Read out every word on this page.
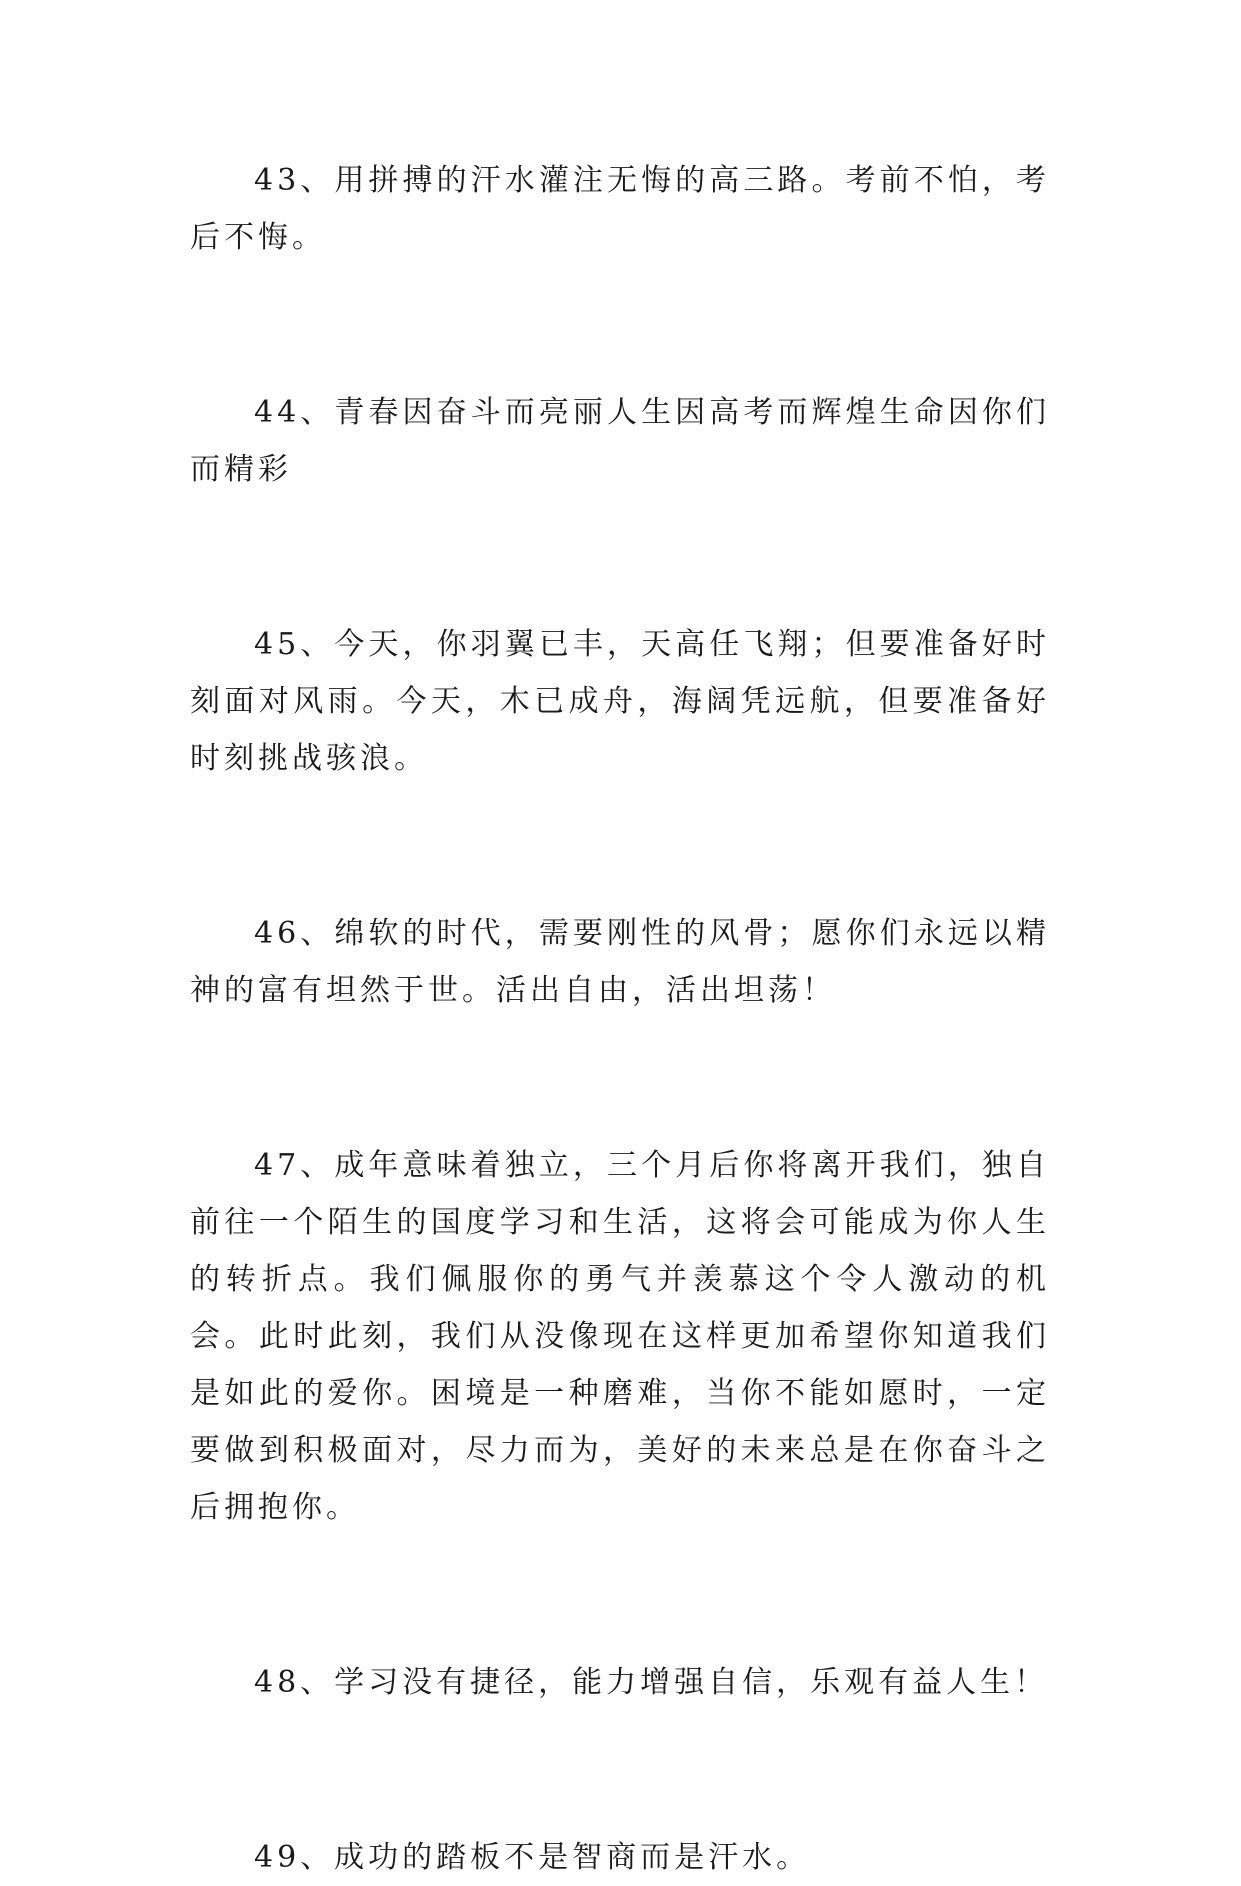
43、用拼搏的汗水灌注无悔的高三路。考前不怕，考后不悔。

44、青春因奋斗而亮丽人生因高考而辉煌生命因你们而精彩

45、今天，你羽翼已丰，天高任飞翔；但要准备好时刻面对风雨。今天，木已成舟，海阔凭远航，但要准备好时刻挑战骇浪。

46、绵软的时代，需要刚性的风骨；愿你们永远以精神的富有坦然于世。活出自由，活出坦荡！

47、成年意味着独立，三个月后你将离开我们，独自前往一个陌生的国度学习和生活，这将会可能成为你人生的转折点。我们佩服你的勇气并羡慕这个令人激动的机会。此时此刻，我们从没像现在这样更加希望你知道我们是如此的爱你。困境是一种磨难，当你不能如愿时，一定要做到积极面对，尽力而为，美好的未来总是在你奋斗之后拥抱你。

48、学习没有捷径，能力增强自信，乐观有益人生！

49、成功的踏板不是智商而是汗水。
